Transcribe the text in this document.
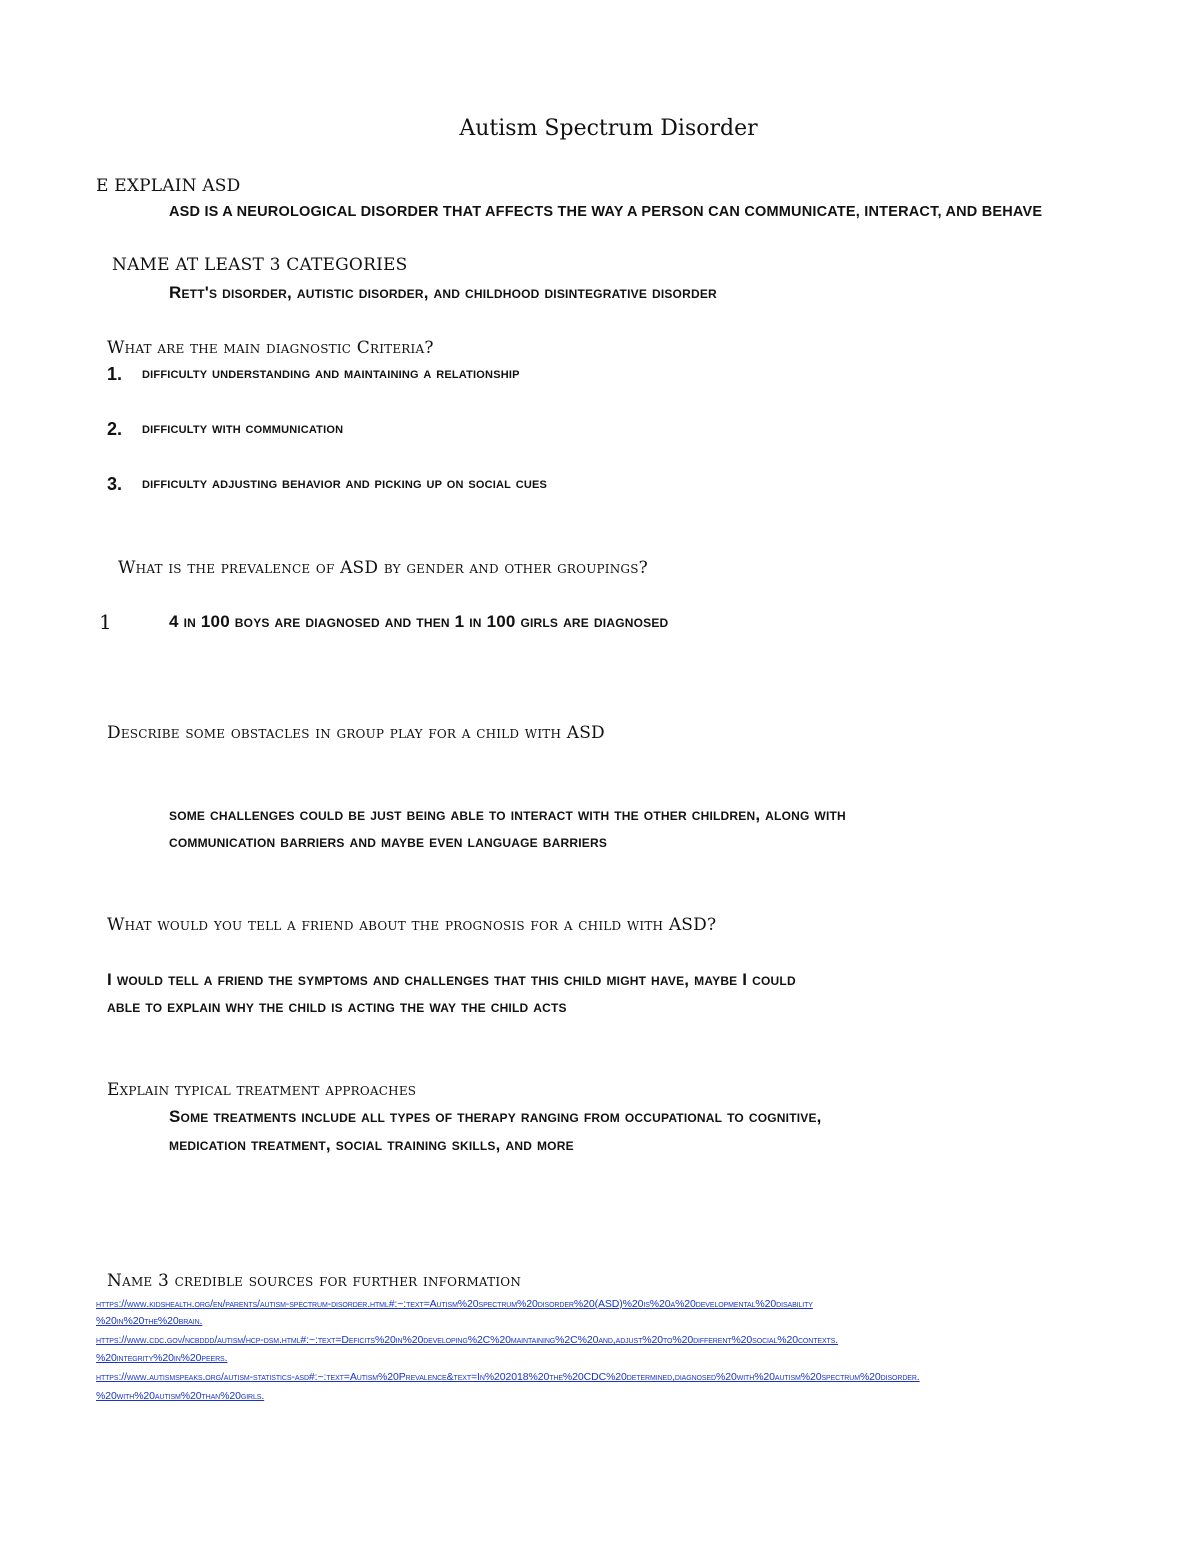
Autism Spectrum Disorder
E EXPLAIN ASD
ASD IS A NEUROLOGICAL DISORDER THAT AFFECTS THE WAY A PERSON CAN COMMUNICATE, INTERACT, AND BEHAVE
NAME AT LEAST 3 CATEGORIES
Rett's disorder, autistic disorder, and childhood disintegrative disorder
What are the main diagnostic Criteria?
1. difficulty understanding and maintaining a relationship
2. difficulty with communication
3. difficulty adjusting behavior and picking up on social cues
What is the prevalence of ASD by gender and other groupings?
1	4 in 100 boys are diagnosed and then 1 in 100 girls are diagnosed
Describe some obstacles in group play for a child with ASD
some challenges could be just being able to interact with the other children, along with
communication barriers and maybe even language barriers
What would you tell a friend about the prognosis for a child with ASD?
I would tell a friend the symptoms and challenges that this child might have, maybe I could
able to explain why the child is acting the way the child acts
Explain typical treatment approaches
Some treatments include all types of therapy ranging from occupational to cognitive,
medication treatment, social training skills, and more
Name 3 credible sources for further information
https://www.kidshealth.org/en/parents/autism-spectrum-disorder.html#:~:text=Autism%20spectrum%20disorder%20(ASD)%20is%20a%20developmental%20disability
%20in%20the%20brain.
https://www.cdc.gov/ncbddd/autism/hcp-dsm.html#:~:text=Deficits%20in%20developing%2C%20maintaining%2C%20and,adjust%20to%20different%20social%20contexts.
%20integrity%20in%20peers.
https://www.autismspeaks.org/autism-statistics-asd#:~:text=Autism%20Prevalence&text=In%202018%20the%20CDC%20determined,diagnosed%20with%20autism%20spectrum%20disorder.
%20with%20autism%20than%20girls.
